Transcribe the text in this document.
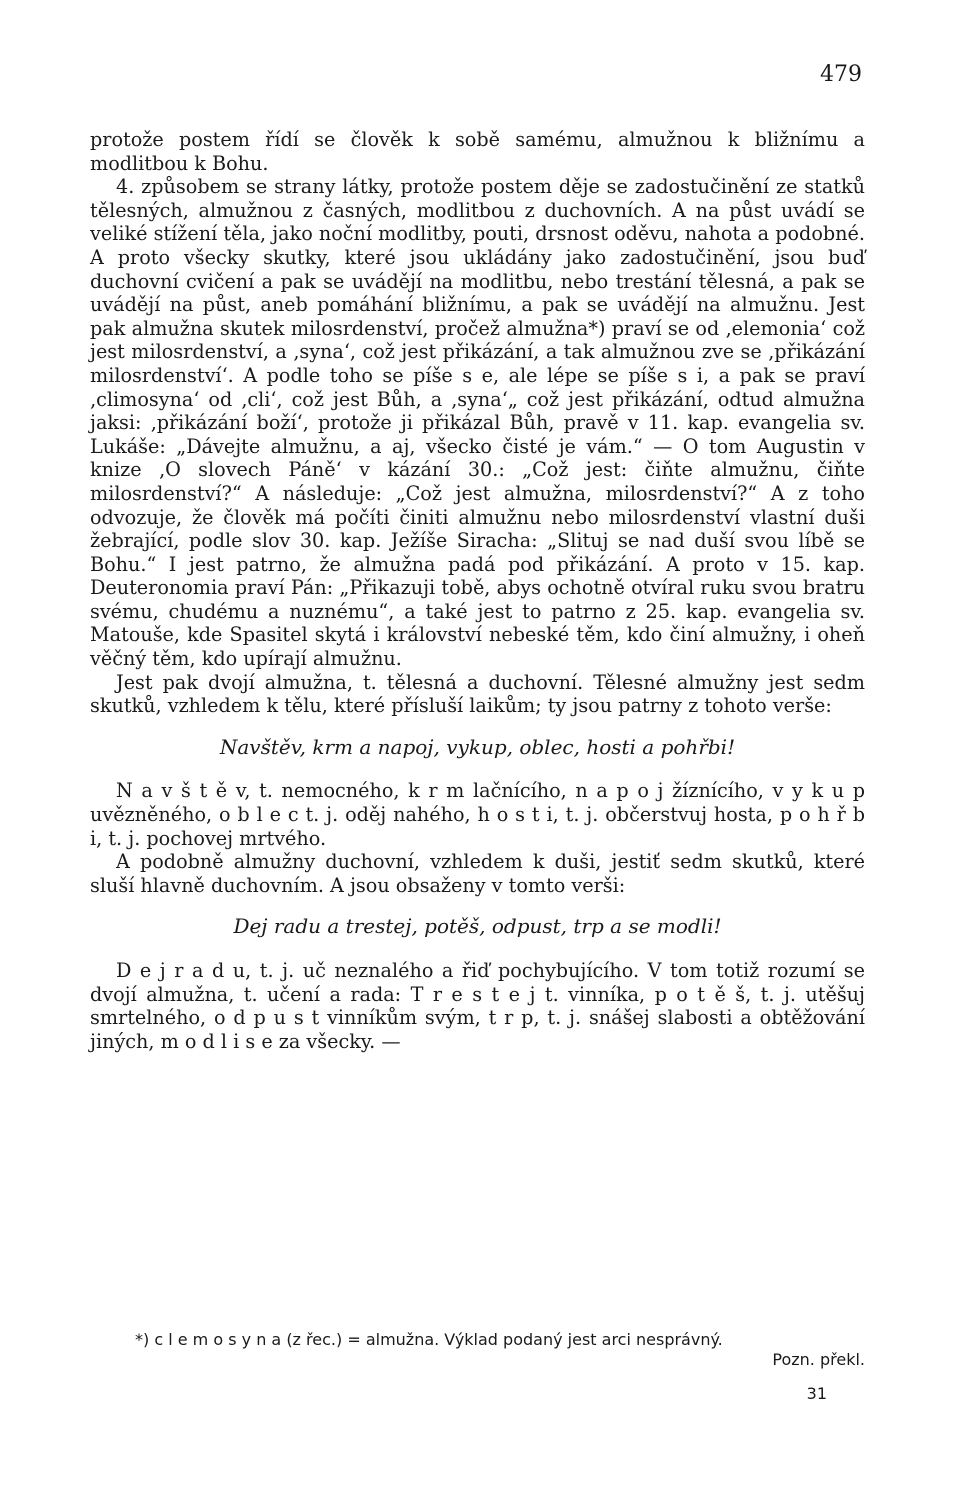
479

protože postem řídí se člověk k sobě samému, almužnou k bližnímu a modlitbou k Bohu.

4. způsobem se strany látky, protože postem děje se zadostučinění ze statků tělesných, almužnou z časných, modlitbou z duchovních. A na půst uvádí se veliké stížení těla, jako noční modlitby, pouti, drsnost oděvu, nahota a podobné. A proto všecky skutky, které jsou ukládány jako zadostučinění, jsou buď duchovní cvičení a pak se uvádějí na modlitbu, nebo trestání tělesná, a pak se uvádějí na půst, aneb pomáhání bližnímu, a pak se uvádějí na almužnu. Jest pak almužna skutek milosrdenství, pročež almužna*) praví se od ‚elemonia‘ což jest milosrdenství, a ‚syna‘, což jest přikázání, a tak almužnou zve se ‚přikázání milosrdenství‘. A podle toho se píše s e, ale lépe se píše s i, a pak se praví ‚climosyna‘ od ‚cli‘, což jest Bůh, a ‚syna‘„ což jest přikázání, odtud almužna jaksi: ‚přikázání boží‘, protože ji přikázal Bůh, pravě v 11. kap. evangelia sv. Lukáše: „Dávejte almužnu, a aj, všecko čisté je vám.“ — O tom Augustin v knize ‚O slovech Páně‘ v kázání 30.: „Což jest: čiňte almužnu, čiňte milosrdenství?“ A následuje: „Což jest almužna, milosrdenství?“ A z toho odvozuje, že člověk má počíti činiti almužnu nebo milosrdenství vlastní duši žebrající, podle slov 30. kap. Ježíše Siracha: „Slituj se nad duší svou líbě se Bohu.“ I jest patrno, že almužna padá pod přikázání. A proto v 15. kap. Deuteronomia praví Pán: „Přikazuji tobě, abys ochotně otvíral ruku svou bratru svému, chudému a nuznému“, a také jest to patrno z 25. kap. evangelia sv. Matouše, kde Spasitel skytá i království nebeské těm, kdo činí almužny, i oheň věčný těm, kdo upírají almužnu.

Jest pak dvojí almužna, t. tělesná a duchovní. Tělesné almužny jest sedm skutků, vzhledem k tělu, které přísluší laikům; ty jsou patrny z tohoto verše:

Navštěv, krm a napoj, vykup, oblec, hosti a pohřbi!

N a v š t ě v, t. nemocného, k r m lačnícího, n a p o j žíznícího, v y k u p uvězněného, o b l e c t. j. oděj nahého, h o s t i, t. j. občerstvuj hosta, p o h ř b i, t. j. pochovej mrtvého.

A podobně almužny duchovní, vzhledem k duši, jestiť sedm skutků, které sluší hlavně duchovním. A jsou obsaženy v tomto verši:

Dej radu a trestej, potěš, odpust, trp a se modli!

D e j r a d u, t. j. uč neznalého a řiď pochybujícího. V tom totiž rozumí se dvojí almužna, t. učení a rada: T r e s t e j t. vinníka, p o t ě š, t. j. utěšuj smrtelného, o d p u s t vinníkům svým, t r p, t. j. snášej slabosti a obtěžování jiných, m o d l i s e za všecky. —

*) c l e m o s y n a (z řec.) = almužna. Výklad podaný jest arci nesprávný.

Pozn. překl.

31
